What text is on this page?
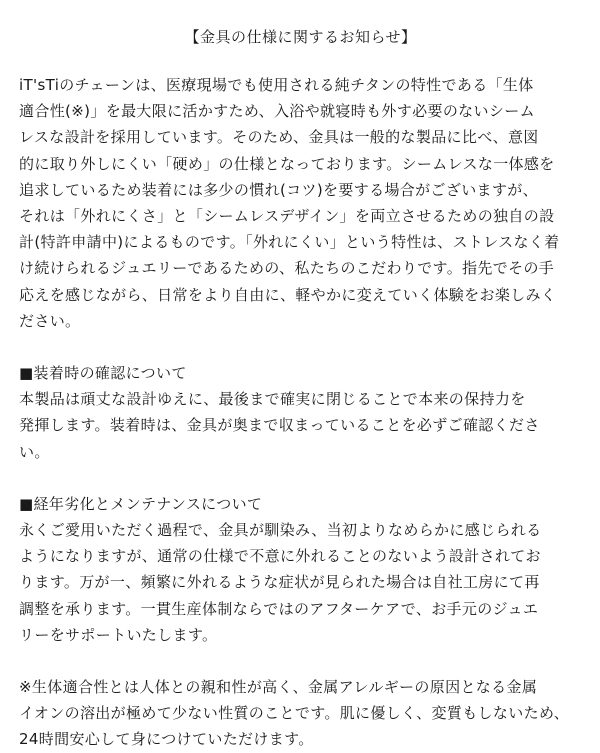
【金具の仕様に関するお知らせ】

iT'sTiのチェーンは、医療現場でも使用される純チタンの特性である「生体
適合性(※)」を最大限に活かすため、入浴や就寝時も外す必要のないシーム
レスな設計を採用しています。そのため、金具は一般的な製品に比べ、意図
的に取り外しにくい「硬め」の仕様となっております。シームレスな一体感を
追求しているため装着には多少の慣れ(コツ)を要する場合がございますが、
それは「外れにくさ」と「シームレスデザイン」を両立させるための独自の設
計(特許申請中)によるものです。「外れにくい」という特性は、ストレスなく着
け続けられるジュエリーであるための、私たちのこだわりです。指先でその手
応えを感じながら、日常をより自由に、軽やかに変えていく体験をお楽しみく
ださい。

■装着時の確認について

本製品は頑丈な設計ゆえに、最後まで確実に閉じることで本来の保持力を
発揮します。装着時は、金具が奥まで収まっていることを必ずご確認くださ
い。

■経年劣化とメンテナンスについて

永くご愛用いただく過程で、金具が馴染み、当初よりなめらかに感じられる
ようになりますが、通常の仕様で不意に外れることのないよう設計されてお
ります。万が一、頻繁に外れるような症状が見られた場合は自社工房にて再
調整を承ります。一貫生産体制ならではのアフターケアで、お手元のジュエ
リーをサポートいたします。

※生体適合性とは人体との親和性が高く、金属アレルギーの原因となる金属
イオンの溶出が極めて少ない性質のことです。肌に優しく、変質もしないため、
24時間安心して身につけていただけます。
